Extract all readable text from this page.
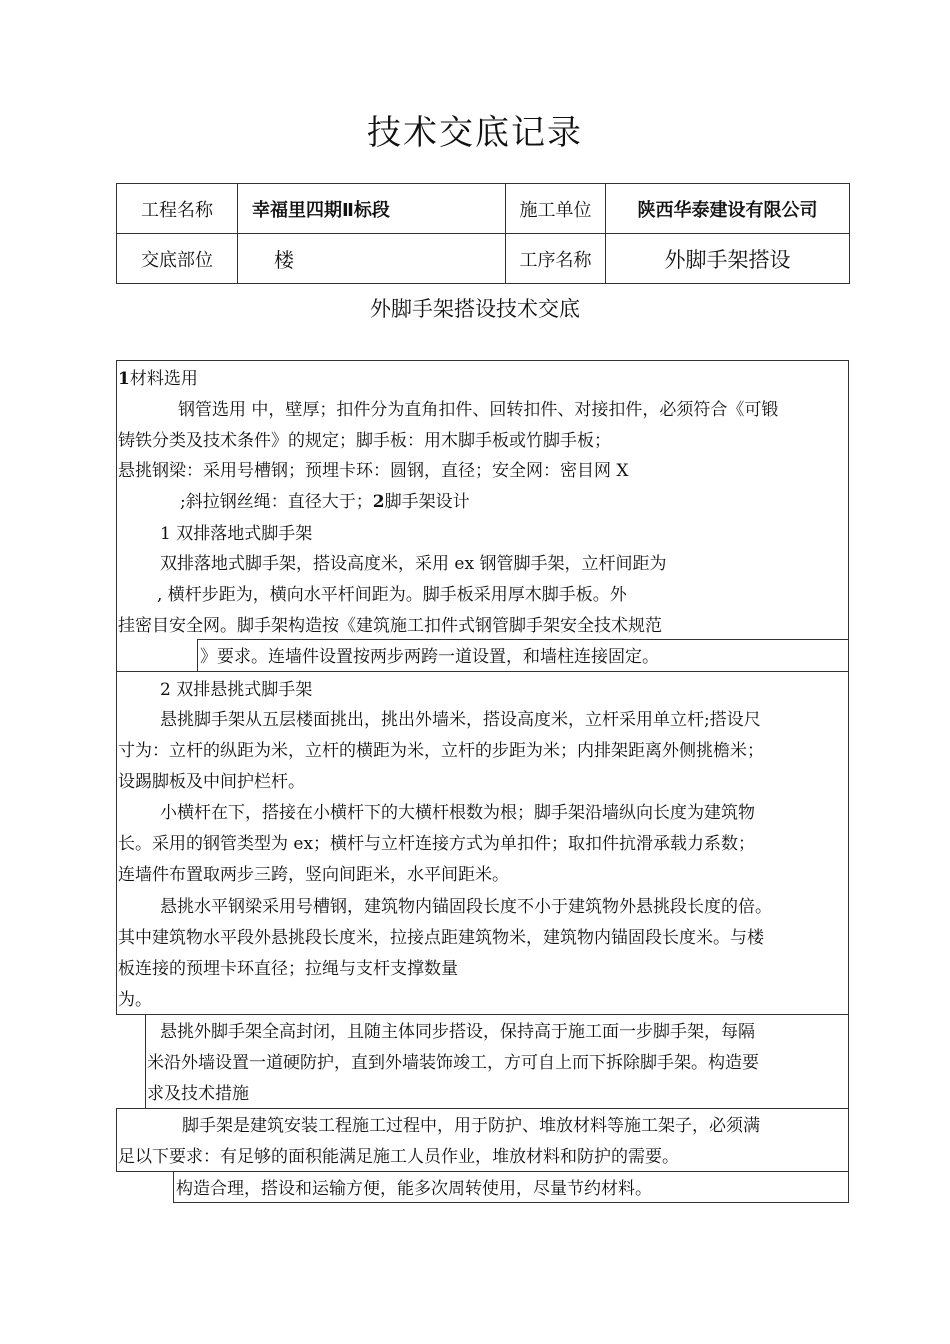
技术交底记录
工程名称	幸福里四期Ⅱ标段	施工单位	陕西华泰建设有限公司
交底部位	楼	工序名称	外脚手架搭设
外脚手架搭设技术交底
1材料选用
钢管选用 中，壁厚；扣件分为直角扣件、回转扣件、对接扣件，必须符合《可锻
铸铁分类及技术条件》的规定；脚手板：用木脚手板或竹脚手板；
悬挑钢梁：采用号槽钢；预埋卡环：圆钢，直径；安全网：密目网 X
;斜拉钢丝绳：直径大于；2脚手架设计
1 双排落地式脚手架
双排落地式脚手架，搭设高度米，采用 ex 钢管脚手架，立杆间距为
, 横杆步距为，横向水平杆间距为。脚手板采用厚木脚手板。外
挂密目安全网。脚手架构造按《建筑施工扣件式钢管脚手架安全技术规范
》要求。连墙件设置按两步两跨一道设置，和墙柱连接固定。
2 双排悬挑式脚手架
悬挑脚手架从五层楼面挑出，挑出外墙米，搭设高度米，立杆采用单立杆;搭设尺
寸为：立杆的纵距为米，立杆的横距为米，立杆的步距为米；内排架距离外侧挑檐米；
设踢脚板及中间护栏杆。
小横杆在下，搭接在小横杆下的大横杆根数为根；脚手架沿墙纵向长度为建筑物
长。采用的钢管类型为 ex；横杆与立杆连接方式为单扣件；取扣件抗滑承载力系数；
连墙件布置取两步三跨，竖向间距米，水平间距米。
悬挑水平钢梁采用号槽钢，建筑物内锚固段长度不小于建筑物外悬挑段长度的倍。
其中建筑物水平段外悬挑段长度米，拉接点距建筑物米，建筑物内锚固段长度米。与楼
板连接的预埋卡环直径；拉绳与支杆支撑数量
为。
悬挑外脚手架全高封闭，且随主体同步搭设，保持高于施工面一步脚手架，每隔
米沿外墙设置一道硬防护，直到外墙装饰竣工，方可自上而下拆除脚手架。构造要
求及技术措施
脚手架是建筑安装工程施工过程中，用于防护、堆放材料等施工架子，必须满
足以下要求：有足够的面积能满足施工人员作业，堆放材料和防护的需要。
构造合理，搭设和运输方便，能多次周转使用，尽量节约材料。
